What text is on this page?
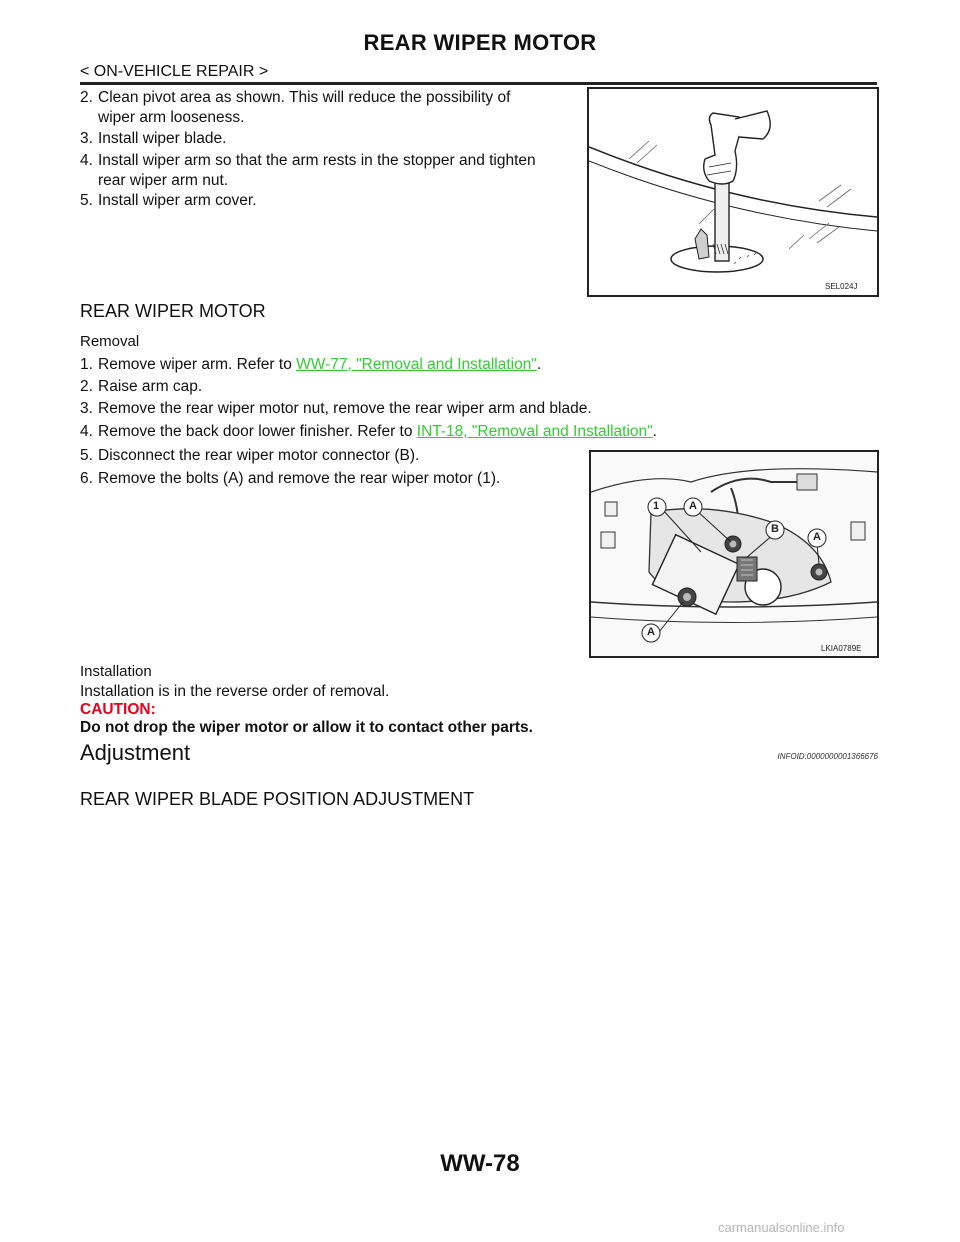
REAR WIPER MOTOR
< ON-VEHICLE REPAIR >
2. Clean pivot area as shown. This will reduce the possibility of
wiper arm looseness.
3. Install wiper blade.
4. Install wiper arm so that the arm rests in the stopper and tighten
rear wiper arm nut.
5. Install wiper arm cover.
SEL024J
REAR WIPER MOTOR
Removal
1. Remove wiper arm. Refer to WW-77, "Removal and Installation".
2. Raise arm cap.
3. Remove the rear wiper motor nut, remove the rear wiper arm and blade.
4. Remove the back door lower finisher. Refer to INT-18, "Removal and Installation".
5. Disconnect the rear wiper motor connector (B).
6. Remove the bolts (A) and remove the rear wiper motor (1).
1	A
B
A
A
LKIA0789E
Installation
Installation is in the reverse order of removal.
CAUTION:
Do not drop the wiper motor or allow it to contact other parts.
Adjustment	INFOID:0000000001366676
REAR WIPER BLADE POSITION ADJUSTMENT
WW-78
carmanualsonline.info
